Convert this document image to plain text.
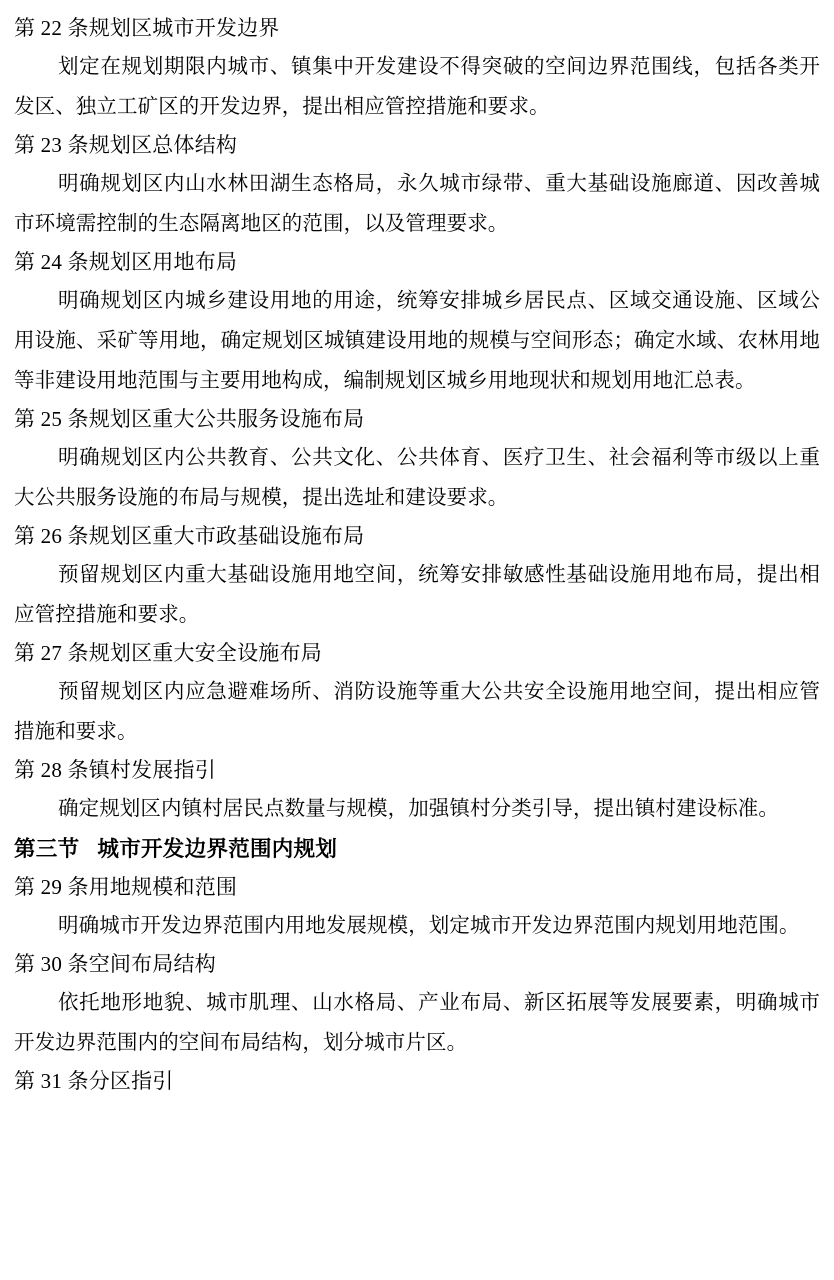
第 22 条规划区城市开发边界
划定在规划期限内城市、镇集中开发建设不得突破的空间边界范围线，包括各类开发区、独立工矿区的开发边界，提出相应管控措施和要求。
第 23 条规划区总体结构
明确规划区内山水林田湖生态格局，永久城市绿带、重大基础设施廊道、因改善城市环境需控制的生态隔离地区的范围，以及管理要求。
第 24 条规划区用地布局
明确规划区内城乡建设用地的用途，统筹安排城乡居民点、区域交通设施、区域公用设施、采矿等用地，确定规划区城镇建设用地的规模与空间形态；确定水域、农林用地等非建设用地范围与主要用地构成，编制规划区城乡用地现状和规划用地汇总表。
第 25 条规划区重大公共服务设施布局
明确规划区内公共教育、公共文化、公共体育、医疗卫生、社会福利等市级以上重大公共服务设施的布局与规模，提出选址和建设要求。
第 26 条规划区重大市政基础设施布局
预留规划区内重大基础设施用地空间，统筹安排敏感性基础设施用地布局，提出相应管控措施和要求。
第 27 条规划区重大安全设施布局
预留规划区内应急避难场所、消防设施等重大公共安全设施用地空间，提出相应管措施和要求。
第 28 条镇村发展指引
确定规划区内镇村居民点数量与规模，加强镇村分类引导，提出镇村建设标准。
第三节 城市开发边界范围内规划
第 29 条用地规模和范围
明确城市开发边界范围内用地发展规模，划定城市开发边界范围内规划用地范围。
第 30 条空间布局结构
依托地形地貌、城市肌理、山水格局、产业布局、新区拓展等发展要素，明确城市开发边界范围内的空间布局结构，划分城市片区。
第 31 条分区指引
